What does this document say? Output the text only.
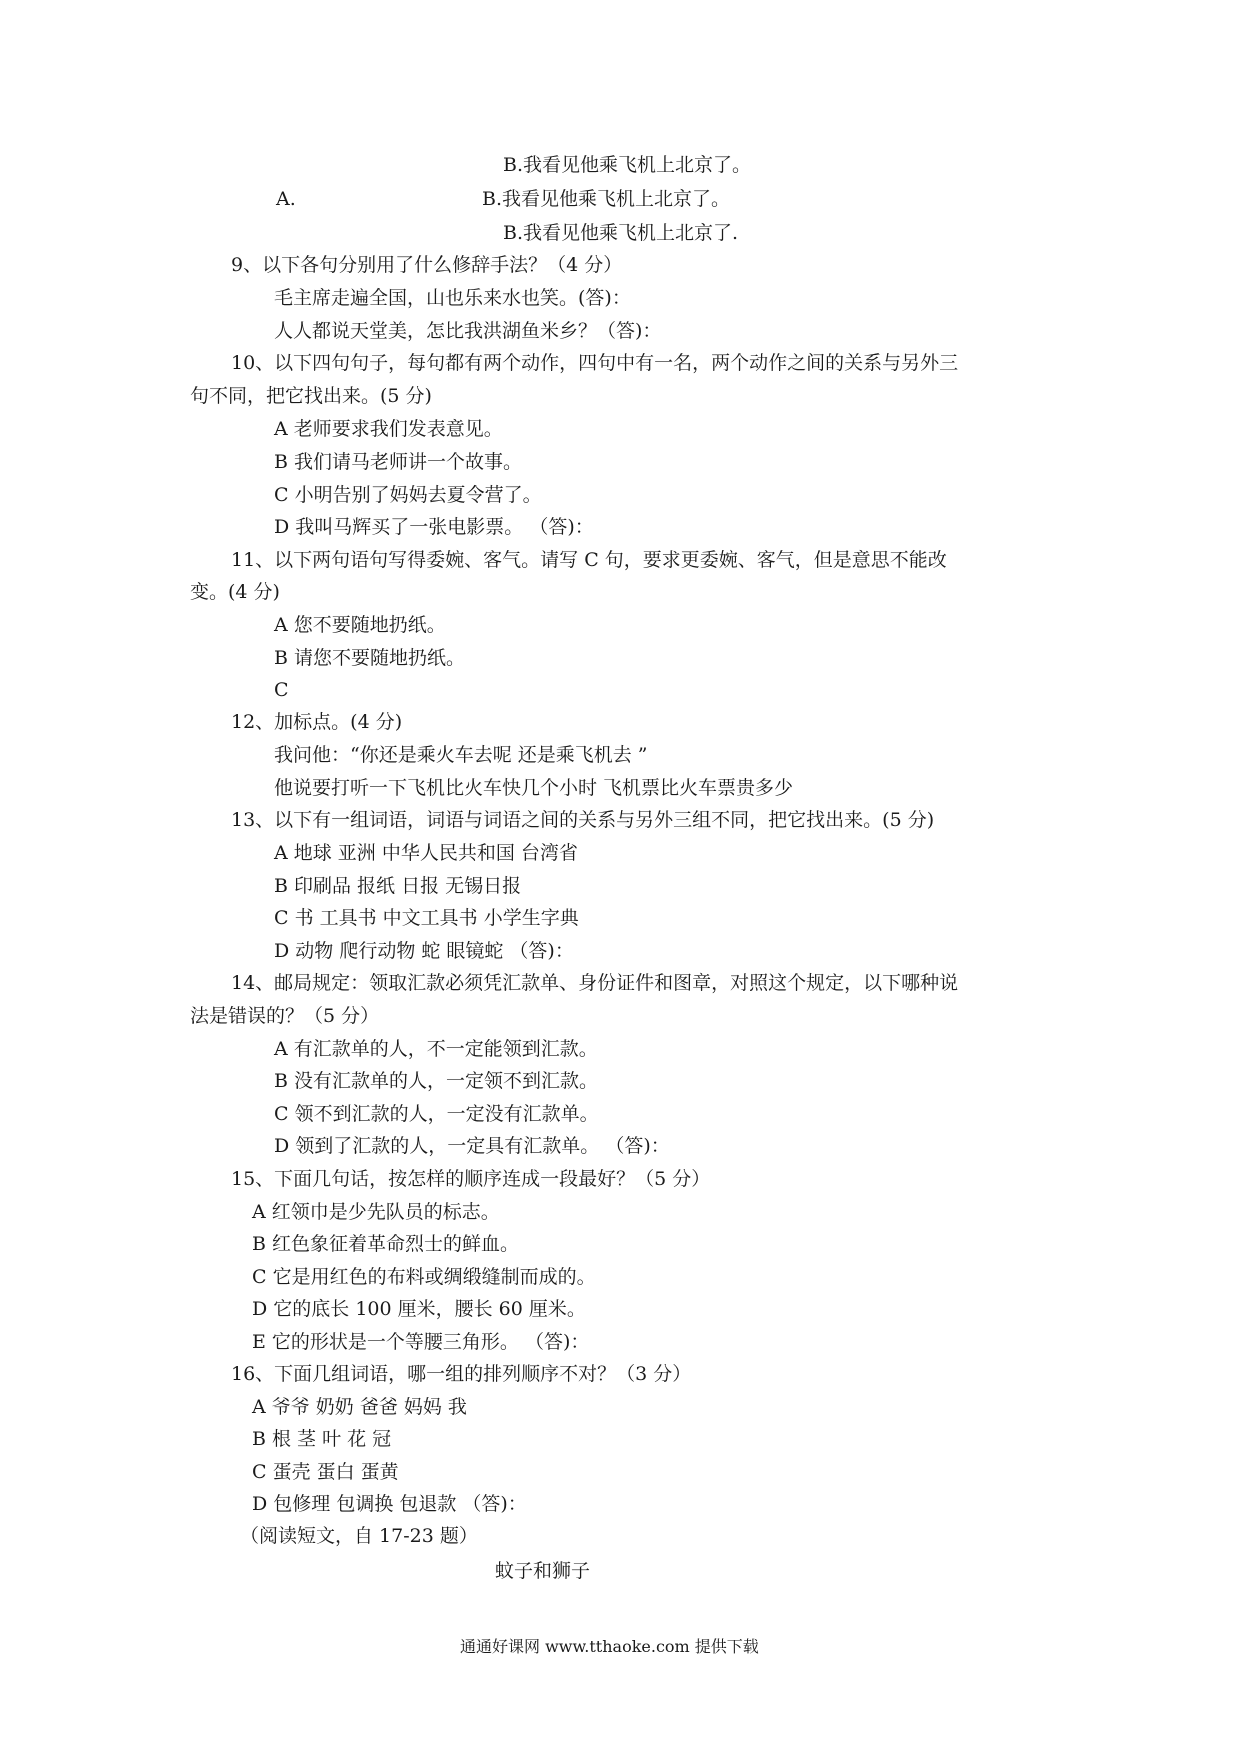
B.我看见他乘飞机上北京了。
A.	B.我看见他乘飞机上北京了。
B.我看见他乘飞机上北京了.
9、以下各句分别用了什么修辞手法？（4 分）
毛主席走遍全国，山也乐来水也笑。(答)：
人人都说天堂美，怎比我洪湖鱼米乡？（答)：
10、以下四句句子，每句都有两个动作，四句中有一名，两个动作之间的关系与另外三
句不同，把它找出来。(5 分)
A 老师要求我们发表意见。
B 我们请马老师讲一个故事。
C 小明告别了妈妈去夏令营了。
D 我叫马辉买了一张电影票。 （答)：
11、以下两句语句写得委婉、客气。请写 C 句，要求更委婉、客气，但是意思不能改
变。(4 分)
A 您不要随地扔纸。
B 请您不要随地扔纸。
C
12、加标点。(4 分)
我问他：“你还是乘火车去呢 还是乘飞机去 ”
他说要打听一下飞机比火车快几个小时 飞机票比火车票贵多少
13、以下有一组词语，词语与词语之间的关系与另外三组不同，把它找出来。(5 分)
A 地球 亚洲 中华人民共和国 台湾省
B 印刷品 报纸 日报 无锡日报
C 书 工具书 中文工具书 小学生字典
D 动物 爬行动物 蛇 眼镜蛇 （答)：
14、邮局规定：领取汇款必须凭汇款单、身份证件和图章，对照这个规定，以下哪种说
法是错误的？（5 分）
A 有汇款单的人，不一定能领到汇款。
B 没有汇款单的人，一定领不到汇款。
C 领不到汇款的人，一定没有汇款单。
D 领到了汇款的人，一定具有汇款单。 （答)：
15、下面几句话，按怎样的顺序连成一段最好？（5 分）
A 红领巾是少先队员的标志。
B 红色象征着革命烈士的鲜血。
C 它是用红色的布料或绸缎缝制而成的。
D 它的底长 100 厘米，腰长 60 厘米。
E 它的形状是一个等腰三角形。 （答)：
16、下面几组词语，哪一组的排列顺序不对？（3 分）
A 爷爷 奶奶 爸爸 妈妈 我
B 根 茎 叶 花 冠
C 蛋壳 蛋白 蛋黄
D 包修理 包调换 包退款 （答)：
（阅读短文，自 17-23 题）
蚊子和狮子
通通好课网 www.tthaoke.com 提供下载
